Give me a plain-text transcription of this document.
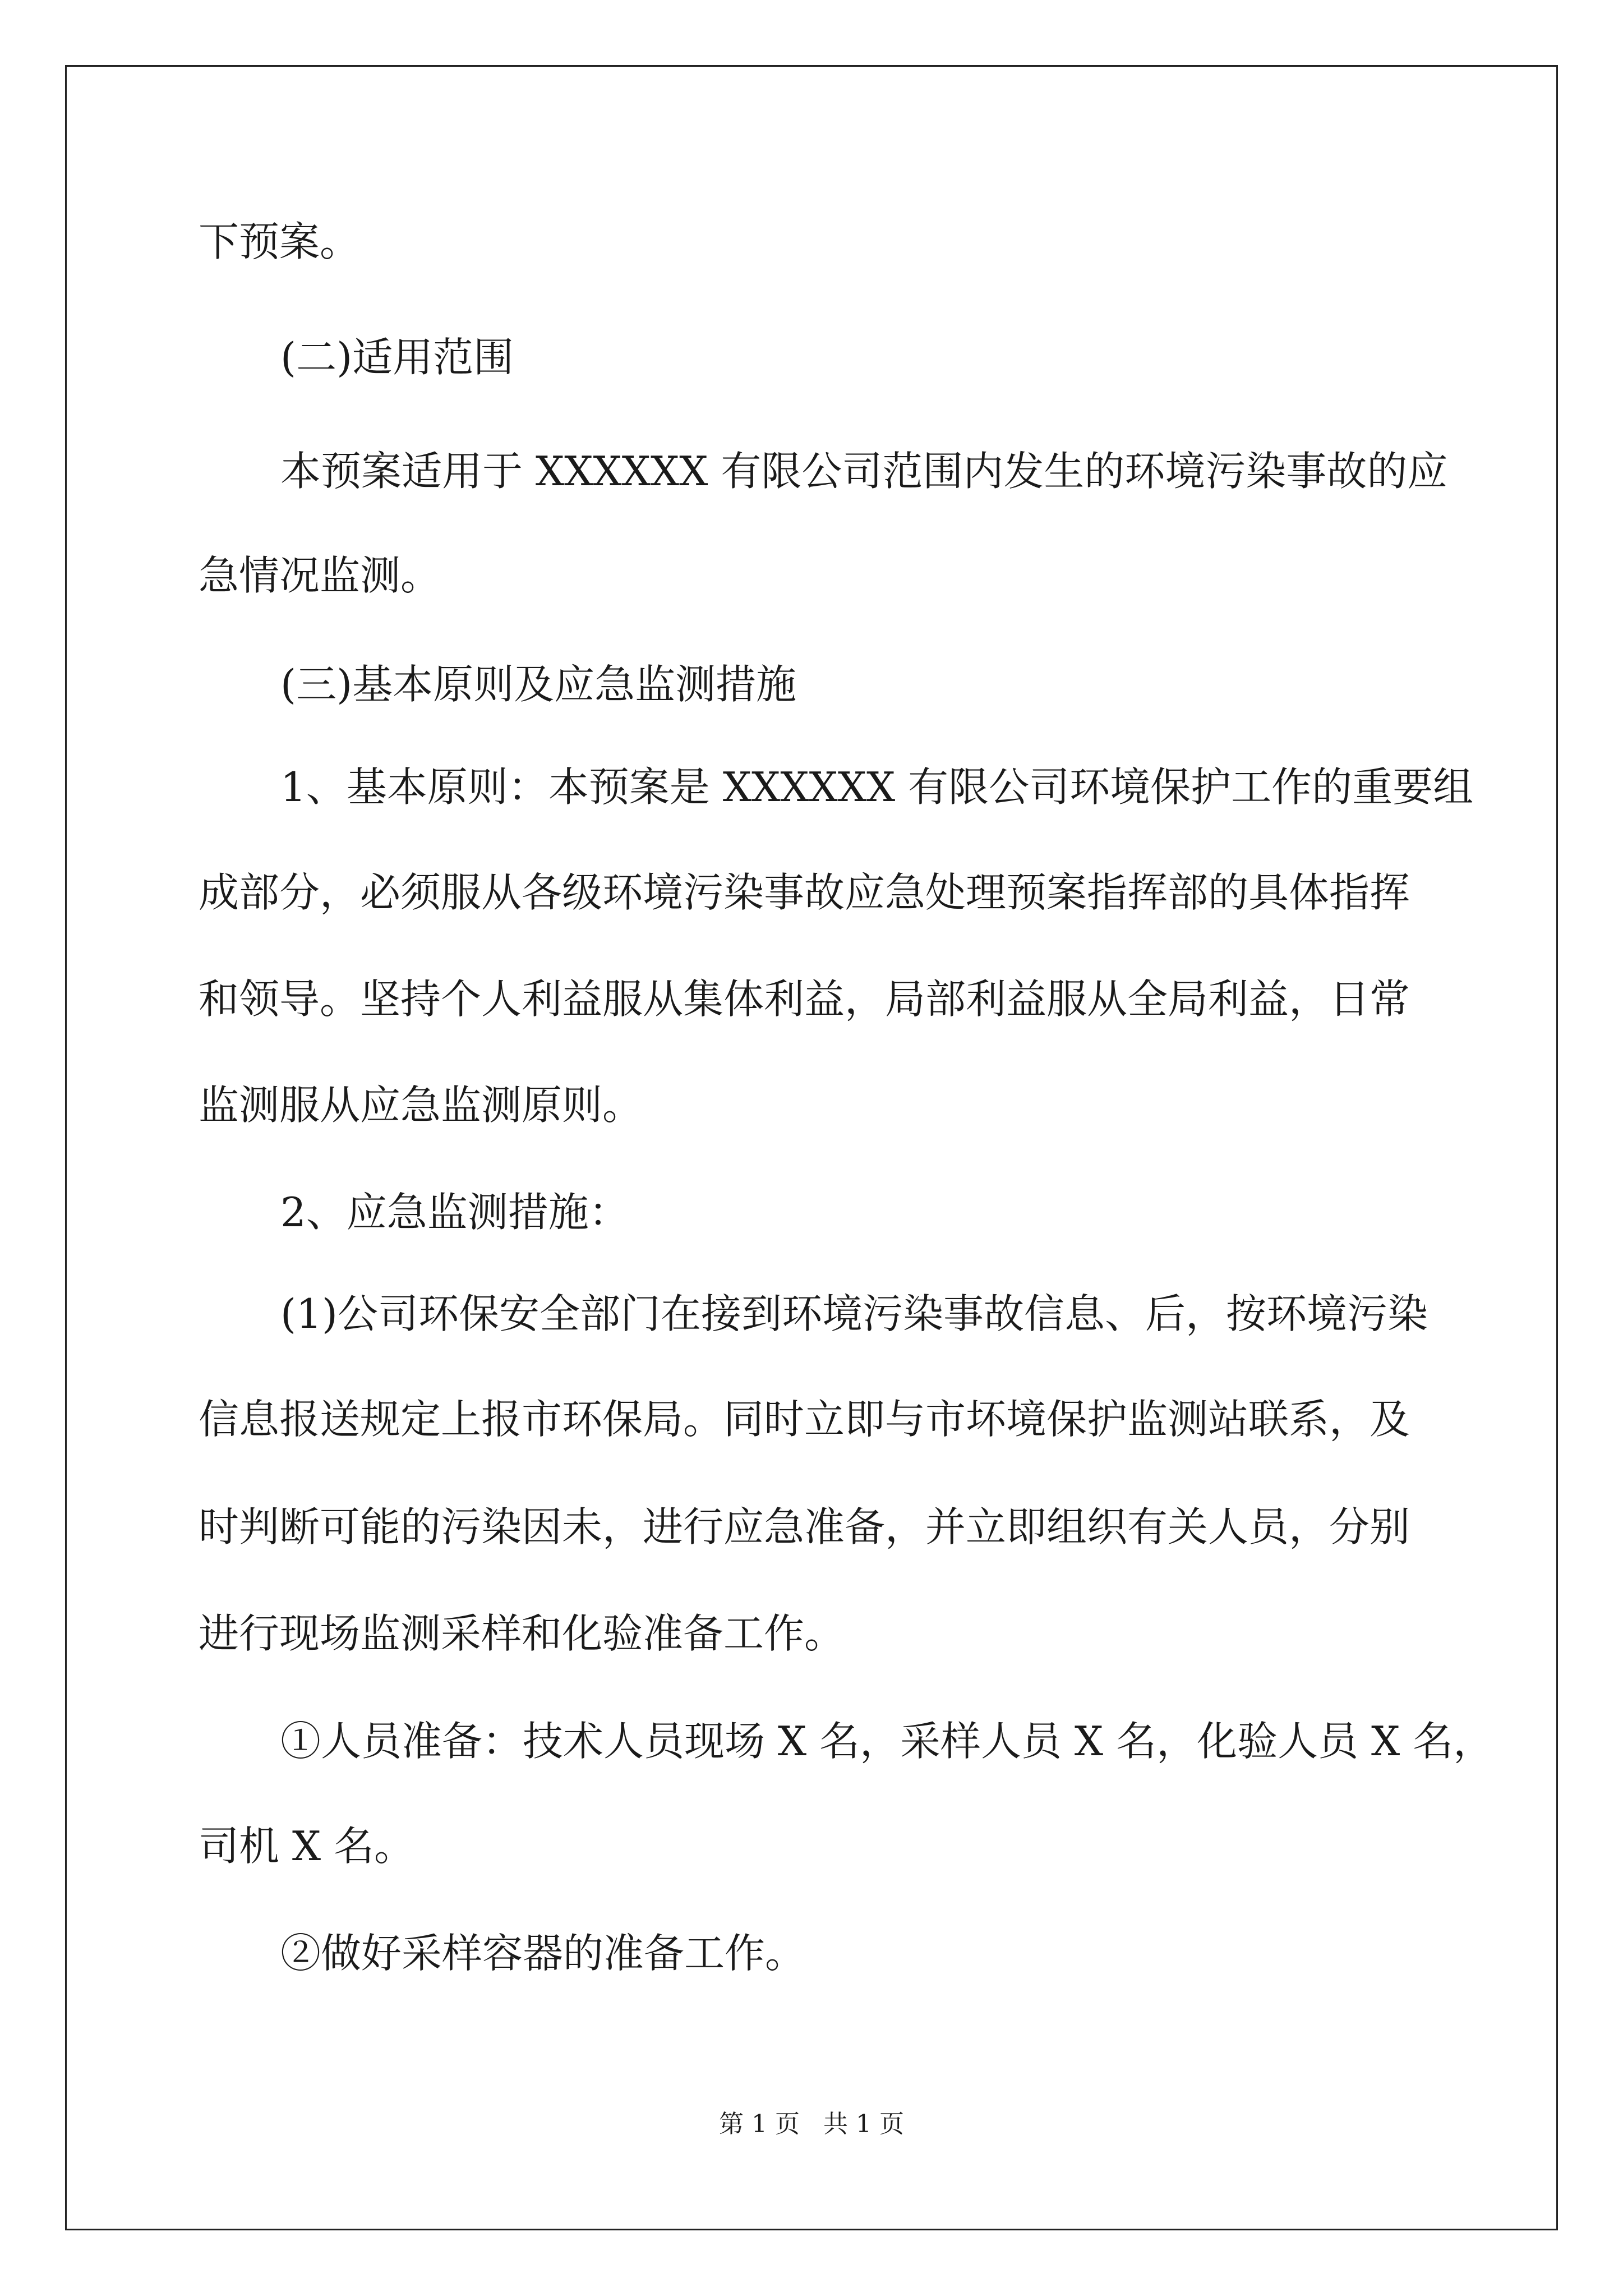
下预案。
(二)适用范围
本预案适用于 XXXXXX 有限公司范围内发生的环境污染事故的应
急情况监测。
(三)基本原则及应急监测措施
1、基本原则：本预案是 XXXXXX 有限公司环境保护工作的重要组
成部分，必须服从各级环境污染事故应急处理预案指挥部的具体指挥
和领导。坚持个人利益服从集体利益，局部利益服从全局利益，日常
监测服从应急监测原则。
2、应急监测措施：
(1)公司环保安全部门在接到环境污染事故信息、后，按环境污染
信息报送规定上报市环保局。同时立即与市坏境保护监测站联系，及
时判断可能的污染因未，进行应急准备，并立即组织有关人员，分别
进行现场监测采样和化验准备工作。
①人员准备：技术人员现场 X 名，采样人员 X 名，化验人员 X 名，
司机 X 名。
②做好采样容器的准备工作。
第 1 页   共 1 页
